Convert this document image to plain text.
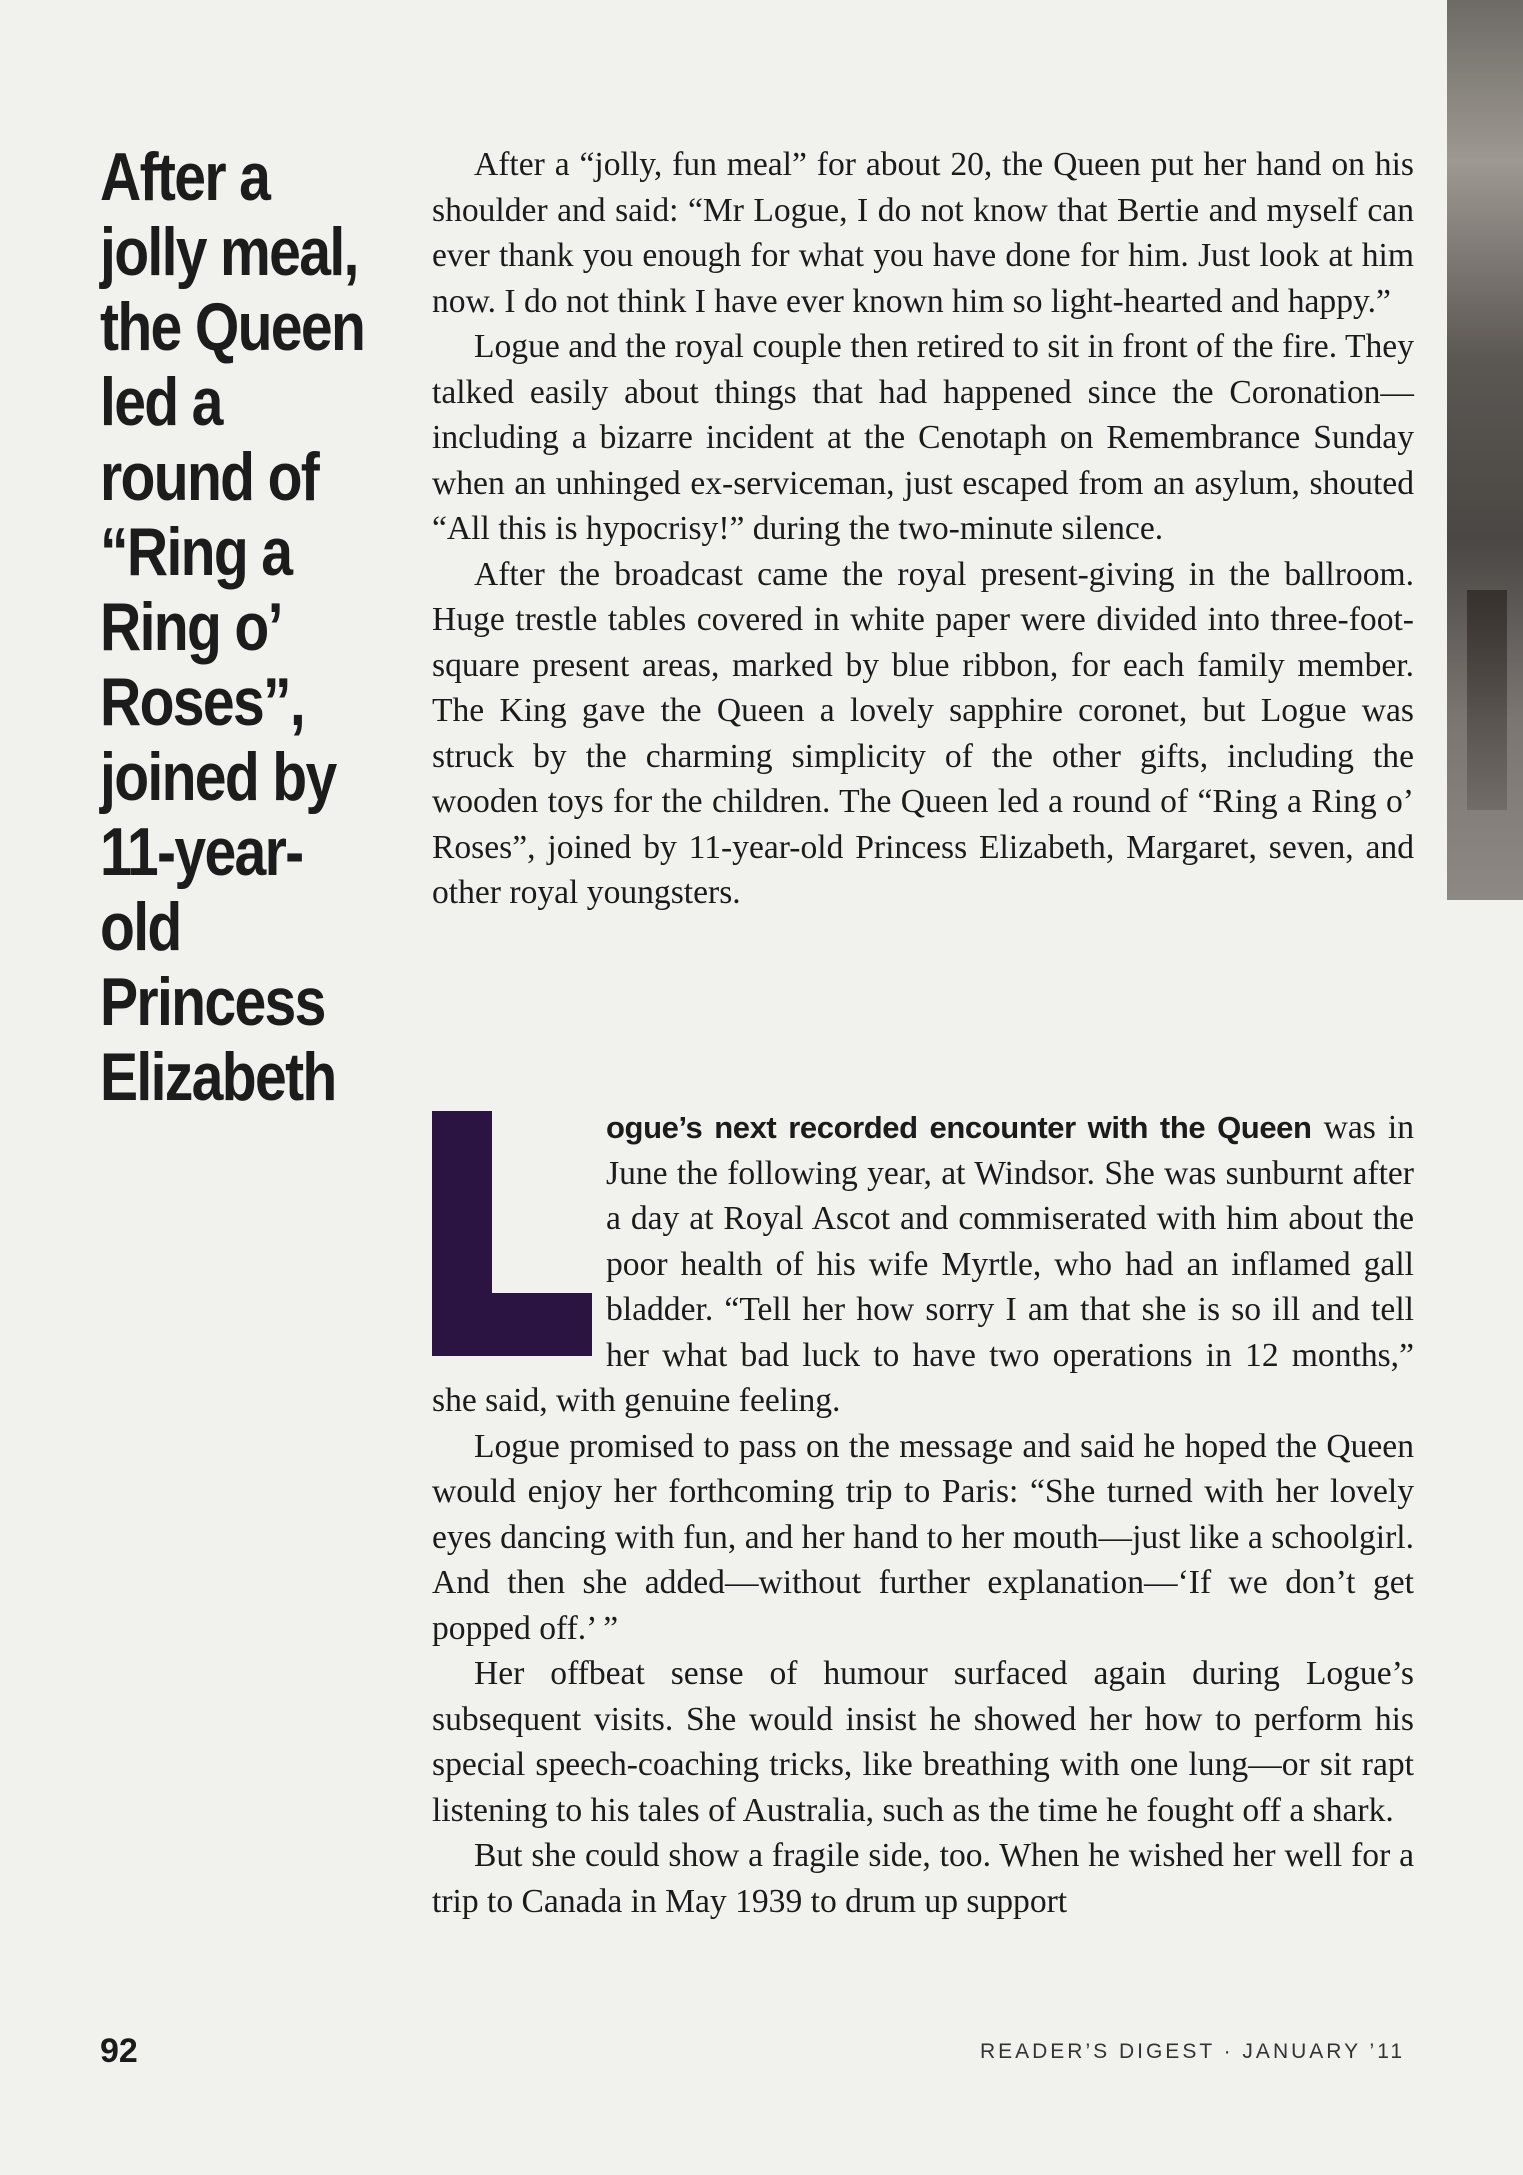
After a jolly meal, the Queen led a round of “Ring a Ring o’ Roses”, joined by 11-year-old Princess Elizabeth

After a “jolly, fun meal” for about 20, the Queen put her hand on his shoulder and said: “Mr Logue, I do not know that Bertie and myself can ever thank you enough for what you have done for him. Just look at him now. I do not think I have ever known him so light-hearted and happy.”

Logue and the royal couple then retired to sit in front of the fire. They talked easily about things that had happened since the Coronation—including a bizarre incident at the Cenotaph on Remembrance Sunday when an unhinged ex-serviceman, just escaped from an asylum, shouted “All this is hypocrisy!” during the two-minute silence.

After the broadcast came the royal present-giving in the ballroom. Huge trestle tables covered in white paper were divided into three-foot-square present areas, marked by blue ribbon, for each family member. The King gave the Queen a lovely sapphire coronet, but Logue was struck by the charming simplicity of the other gifts, including the wooden toys for the children. The Queen led a round of “Ring a Ring o’ Roses”, joined by 11-year-old Princess Elizabeth, Margaret, seven, and other royal youngsters.

ogue’s next recorded encounter with the Queen was in June the following year, at Windsor. She was sunburnt after a day at Royal Ascot and commiserated with him about the poor health of his wife Myrtle, who had an inflamed gall bladder. “Tell her how sorry I am that she is so ill and tell her what bad luck to have two operations in 12 months,” she said, with genuine feeling.

Logue promised to pass on the message and said he hoped the Queen would enjoy her forthcoming trip to Paris: “She turned with her lovely eyes dancing with fun, and her hand to her mouth—just like a schoolgirl. And then she added—without further explanation—‘If we don’t get popped off.’ ”

Her offbeat sense of humour surfaced again during Logue’s subsequent visits. She would insist he showed her how to perform his special speech-coaching tricks, like breathing with one lung—or sit rapt listening to his tales of Australia, such as the time he fought off a shark.

But she could show a fragile side, too. When he wished her well for a trip to Canada in May 1939 to drum up support

92	READER’S DIGEST · JANUARY ’11
